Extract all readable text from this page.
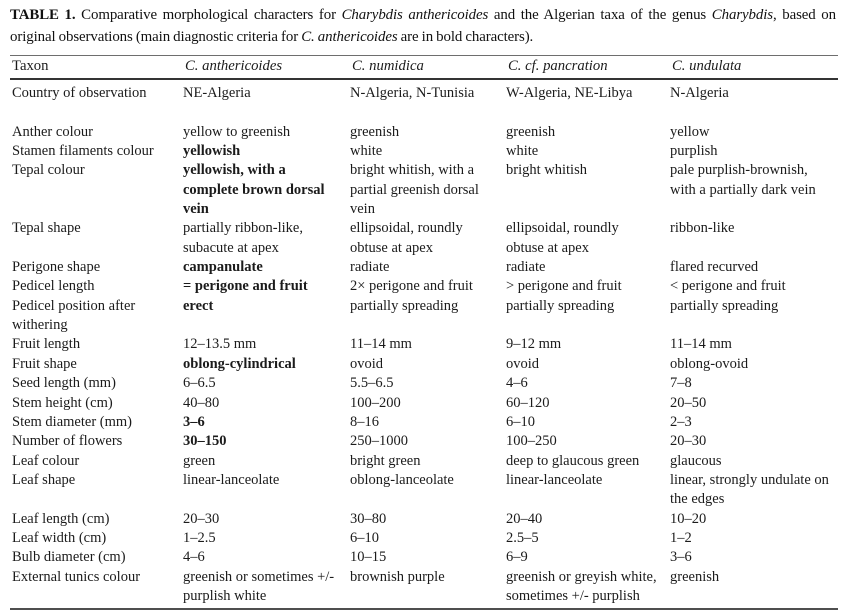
TABLE 1. Comparative morphological characters for Charybdis anthericoides and the Algerian taxa of the genus Charybdis, based on original observations (main diagnostic criteria for C. anthericoides are in bold characters).

Taxon	C. anthericoides	C. numidica	C. cf. pancration	C. undulata
Country of observation	NE-Algeria	N-Algeria, N-Tunisia	W-Algeria, NE-Libya	N-Algeria

Anther colour	yellow to greenish	greenish	greenish	yellow
Stamen filaments colour	yellowish	white	white	purplish
Tepal colour	yellowish, with a complete brown dorsal vein	bright whitish, with a partial greenish dorsal vein	bright whitish	pale purplish-brownish, with a partially dark vein
Tepal shape	partially ribbon-like, subacute at apex	ellipsoidal, roundly obtuse at apex	ellipsoidal, roundly obtuse at apex	ribbon-like
Perigone shape	campanulate	radiate	radiate	flared recurved
Pedicel length	= perigone and fruit	2× perigone and fruit	> perigone and fruit	< perigone and fruit
Pedicel position after withering	erect	partially spreading	partially spreading	partially spreading
Fruit length	12–13.5 mm	11–14 mm	9–12 mm	11–14 mm
Fruit shape	oblong-cylindrical	ovoid	ovoid	oblong-ovoid
Seed length (mm)	6–6.5	5.5–6.5	4–6	7–8
Stem height (cm)	40–80	100–200	60–120	20–50
Stem diameter (mm)	3–6	8–16	6–10	2–3
Number of flowers	30–150	250–1000	100–250	20–30
Leaf colour	green	bright green	deep to glaucous green	glaucous
Leaf shape	linear-lanceolate	oblong-lanceolate	linear-lanceolate	linear, strongly undulate on the edges
Leaf length (cm)	20–30	30–80	20–40	10–20
Leaf width (cm)	1–2.5	6–10	2.5–5	1–2
Bulb diameter (cm)	4–6	10–15	6–9	3–6
External tunics colour	greenish or sometimes +/- purplish white	brownish purple	greenish or greyish white, sometimes +/- purplish	greenish
